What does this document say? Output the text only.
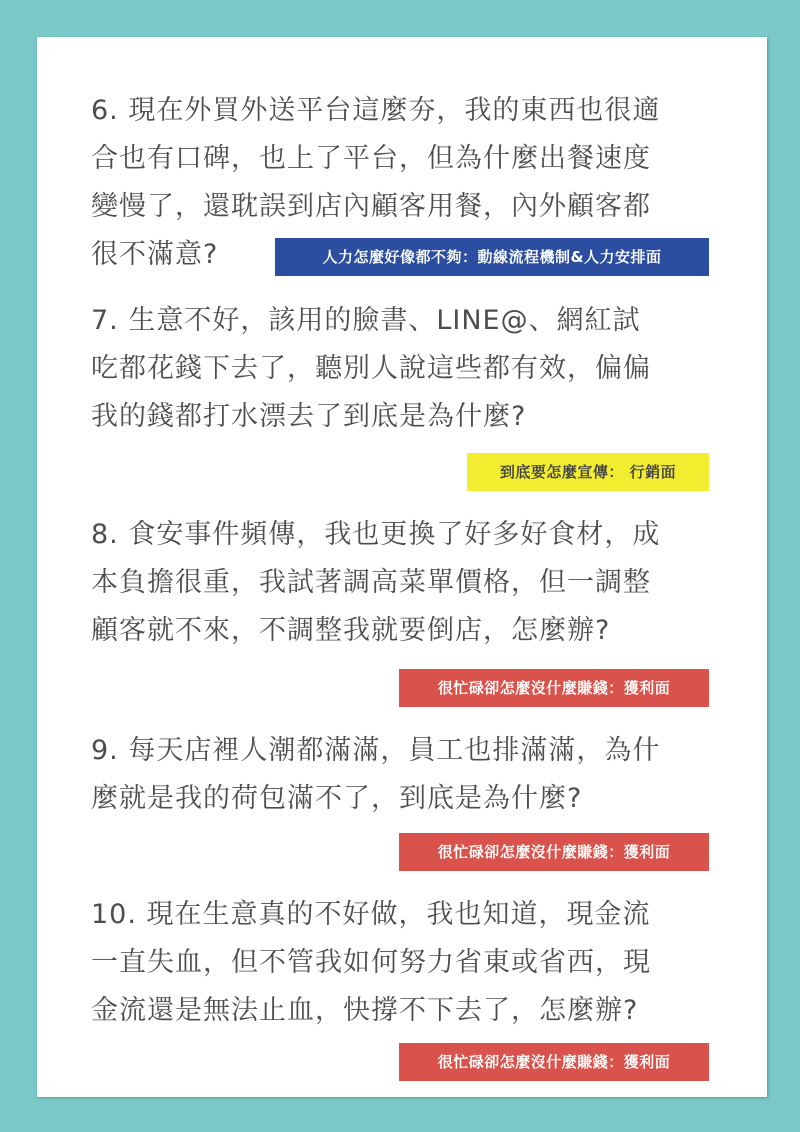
6. 現在外買外送平台這麼夯，我的東西也很適
合也有口碑，也上了平台，但為什麼出餐速度
變慢了，還耽誤到店內顧客用餐，內外顧客都
很不滿意?	人力怎麼好像都不夠：動線流程機制&人力安排面

7. 生意不好，該用的臉書、LINE@、網紅試
吃都花錢下去了，聽別人說這些都有效，偏偏
我的錢都打水漂去了到底是為什麼?

到底要怎麼宣傳： 行銷面

8. 食安事件頻傳，我也更換了好多好食材，成
本負擔很重，我試著調高菜單價格，但一調整
顧客就不來，不調整我就要倒店，怎麼辦?

很忙碌卻怎麼沒什麼賺錢：獲利面

9. 每天店裡人潮都滿滿，員工也排滿滿，為什
麼就是我的荷包滿不了，到底是為什麼?

很忙碌卻怎麼沒什麼賺錢：獲利面

10. 現在生意真的不好做，我也知道，現金流
一直失血，但不管我如何努力省東或省西，現
金流還是無法止血，快撐不下去了，怎麼辦?

很忙碌卻怎麼沒什麼賺錢：獲利面
